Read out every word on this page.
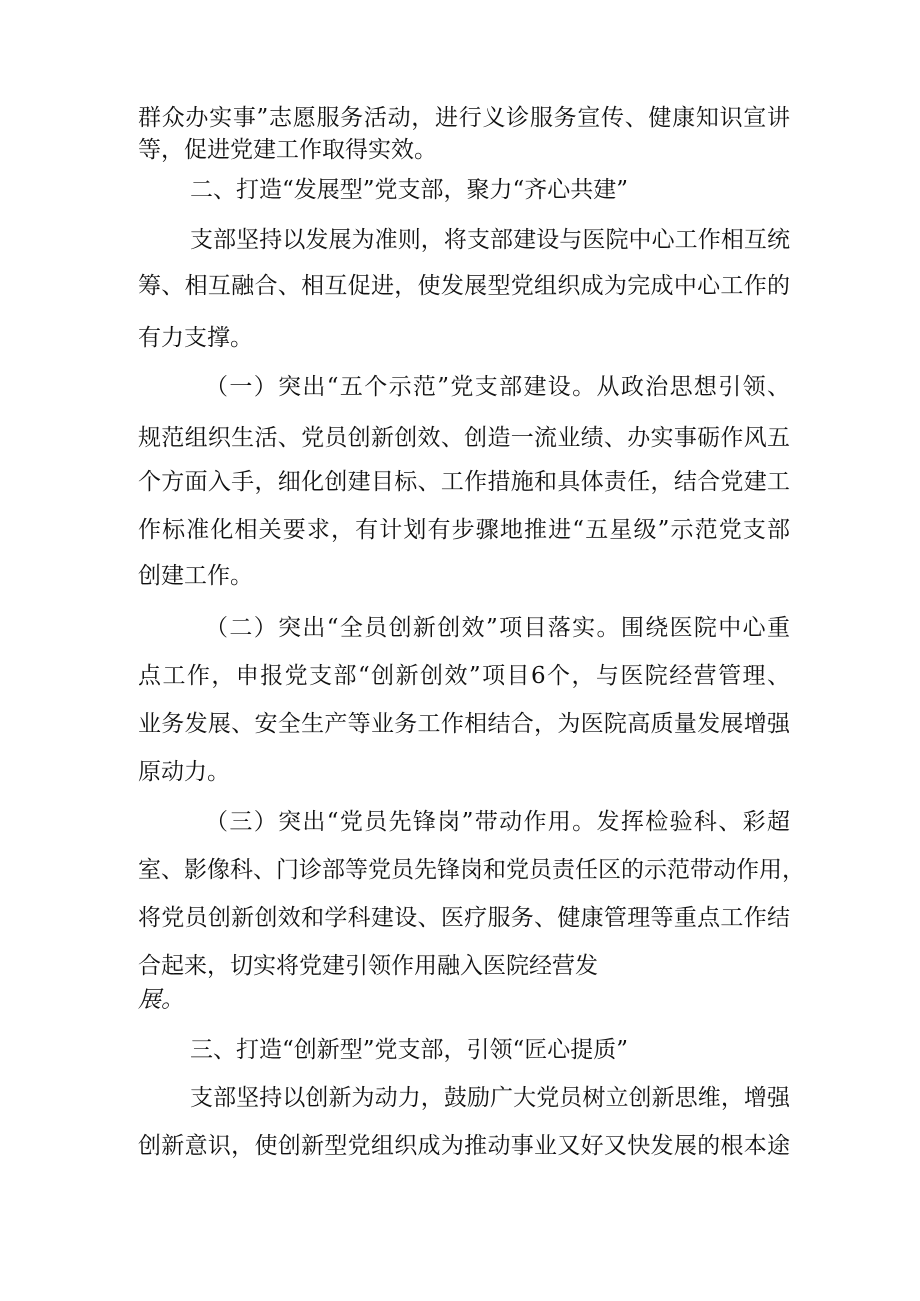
群众办实事”志愿服务活动，进行义诊服务宣传、健康知识宣讲
等，促进党建工作取得实效。
二、打造“发展型”党支部，聚力“齐心共建”
支部坚持以发展为准则，将支部建设与医院中心工作相互统
筹、相互融合、相互促进，使发展型党组织成为完成中心工作的
有力支撑。
（一）突出“五个示范”党支部建设。从政治思想引领、
规范组织生活、党员创新创效、创造一流业绩、办实事砺作风五
个方面入手，细化创建目标、工作措施和具体责任，结合党建工
作标准化相关要求，有计划有步骤地推进“五星级”示范党支部
创建工作。
（二）突出“全员创新创效”项目落实。围绕医院中心重
点工作，申报党支部“创新创效”项目6个，与医院经营管理、
业务发展、安全生产等业务工作相结合，为医院高质量发展增强
原动力。
（三）突出“党员先锋岗”带动作用。发挥检验科、彩超
室、影像科、门诊部等党员先锋岗和党员责任区的示范带动作用，
将党员创新创效和学科建设、医疗服务、健康管理等重点工作结
合起来，切实将党建引领作用融入医院经营发
展。
三、打造“创新型”党支部，引领“匠心提质”
支部坚持以创新为动力，鼓励广大党员树立创新思维，增强
创新意识，使创新型党组织成为推动事业又好又快发展的根本途
